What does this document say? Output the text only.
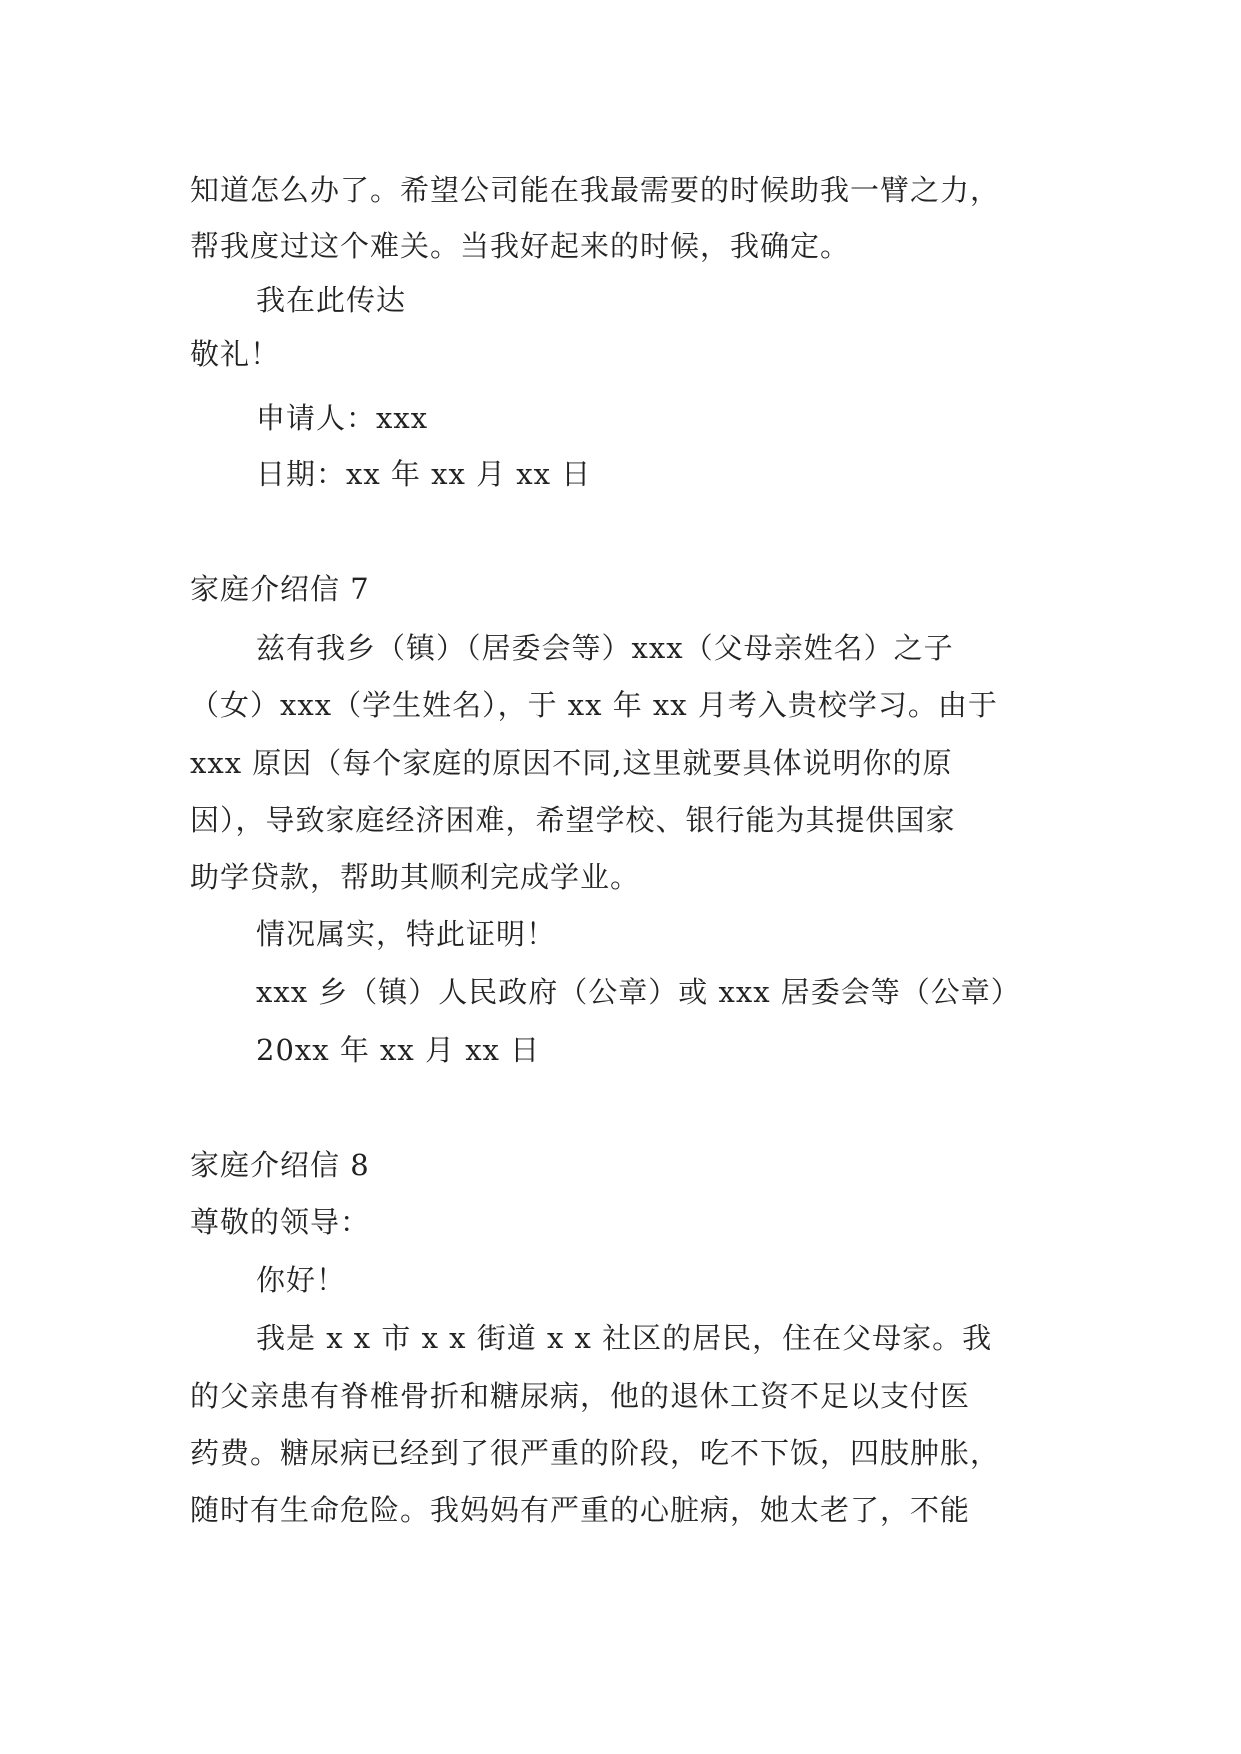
知道怎么办了。希望公司能在我最需要的时候助我一臂之力，
帮我度过这个难关。当我好起来的时候，我确定。
我在此传达
敬礼！
申请人：xxx
日期：xx 年 xx 月 xx 日
家庭介绍信 7
兹有我乡（镇）（居委会等）xxx（父母亲姓名）之子
（女）xxx（学生姓名），于 xx 年 xx 月考入贵校学习。由于
xxx 原因（每个家庭的原因不同,这里就要具体说明你的原
因），导致家庭经济困难，希望学校、银行能为其提供国家
助学贷款，帮助其顺利完成学业。
情况属实，特此证明！
xxx 乡（镇）人民政府（公章）或 xxx 居委会等（公章）
20xx 年 xx 月 xx 日
家庭介绍信 8
尊敬的领导：
你好！
我是 x x 市 x x 街道 x x 社区的居民，住在父母家。我
的父亲患有脊椎骨折和糖尿病，他的退休工资不足以支付医
药费。糖尿病已经到了很严重的阶段，吃不下饭，四肢肿胀，
随时有生命危险。我妈妈有严重的心脏病，她太老了，不能
